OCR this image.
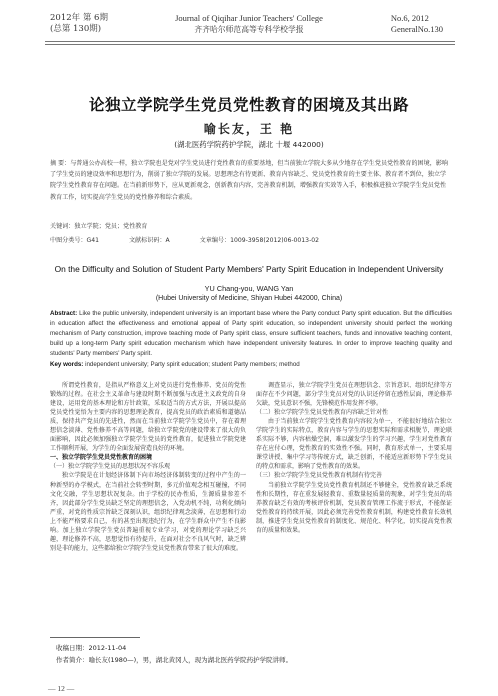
2012年 第 6期
(总第 130期)
Journal of Qiqihar Junior Teachers' College
齐齐哈尔师范高等专科学校学报
No.6, 2012
GeneralNo.130
论独立学院学生党员党性教育的困境及其出路
喻长友，王 艳
(湖北医药学院药护学院，湖北 十堰 442000)
摘 要：与普通公办高校一样，独立学院也是党对学生党员进行党性教育的重要基地，但当前独立学院大多从少地存在学生党员党性教育的困境，影响了学生党员的建设效率和思想行为，削弱了独立学院的发展。思想理念有待更新、教育内容缺乏、党员党性教育的主要主体、教育者不到位，独立学院学生党性教育存在问题。在当前新形势下，应从更新观念，创新教育内容，完善教育机制，增强教育实效等入手，积极推进独立学院学生党员党性教育工作，切实提高学生党员的党性修养和综合素质。
关键词：独立学院；党员；党性教育
中图分类号：G41	文献标识码：A	文章编号：1009-3958(2012)06-0013-02
On the Difficulty and Solution of Student Party Members' Party Spirit Education in Independent University
YU Chang-you, WANG Yan
(Hubei University of Medicine, Shiyan Hubei 442000, China)
Abstract: Like the public university, independent university is an important base where the Party conduct Party spirit education. But the difficulties in education affect the effectiveness and emotional appeal of Party spirit education, so independent university should perfect the working mechanism of Party construction, improve teaching mode of Party spirit class, ensure sufficient teachers, funds and innovative teaching content, build up a long-term Party spirit education mechanism which have independent university features. In order to improve teaching quality and students' Party members' Party spirit.
Key words: independent university; Party spirit education; student Party members; method

所谓党性教育，是指从严格意义上对党员进行党性修养、党员的党性锻炼的过程。在社会主义革命与建设时期不断加强与改进主义政党的自身建设，运用党的基本理论和方针政策，采取适当的方式方法，开展以提高党员党性觉悟为主要内容的思想理论教育，提高党员的政治素质和道德品质，保持共产党员的先进性，然而在当前独立学院学生党员中，存在着理想信念淡薄、党性修养不高等问题，给独立学院党的建设带来了很大的负面影响，因此必须加强独立学院学生党员的党性教育，促进独立学院党建工作顺利开展，为学生的全面发展营造良好的环境。

一、独立学院学生党员党性教育的困境

（一）独立学院学生党员的思想状况不容乐观

独立学院是在计划经济体制下向市场经济体制转变的过程中产生的一种新型的办学模式，在当前社会转型时期，多元价值观念相互碰撞，不同文化交融，学生思想状况复杂。由于学校的民办性质，生源质量参差不齐，因此部分学生党员缺乏坚定的理想信念，入党动机不纯，功利化倾向严重，对党的性质宗旨缺乏深刻认识，组织纪律观念淡薄，在思想和行动上不能严格要求自己，有的甚至出现违纪行为，在学生群众中产生不良影响。加上独立学院学生党员普遍重视专业学习，对党的理论学习缺乏兴趣，理论修养不高，思想觉悟有待提升，在面对社会不良风气时，缺乏辨别是非的能力，这些都给独立学院学生党员党性教育带来了很大的难度。

调查显示，独立学院学生党员在理想信念、宗旨意识、组织纪律等方面存在不少问题，部分学生党员对党的认识还停留在感性层面，理论修养欠缺，党员意识不强，先锋模范作用发挥不够。

（二）独立学院学生党员党性教育内容缺乏针对性

由于当前独立学院学生党性教育内容较为单一，不能很好地结合独立学院学生的实际特点，教育内容与学生的思想实际和需求相脱节，理论联系实际不够，内容枯燥空洞，难以激发学生的学习兴趣，学生对党性教育存在应付心理，党性教育的实效性不强。同时，教育形式单一，主要采用课堂讲授、集中学习等传统方式，缺乏创新，不能适应新形势下学生党员的特点和需求，影响了党性教育的效果。

（三）独立学院学生党员党性教育机制有待完善

当前独立学院学生党员党性教育机制还不够健全，党性教育缺乏系统性和长期性，存在重发展轻教育、重数量轻质量的现象，对学生党员的培养教育缺乏有效的考核评价机制，党员教育管理工作流于形式，不能保证党性教育的持续开展，因此必须完善党性教育机制，构建党性教育长效机制，推进学生党员党性教育的制度化、规范化、科学化，切实提高党性教育的质量和效果。

收稿日期：2012-11-04
作者简介：喻长友(1980—)，男，湖北黄冈人，现为湖北医药学院药护学院讲师。
— 12 —
